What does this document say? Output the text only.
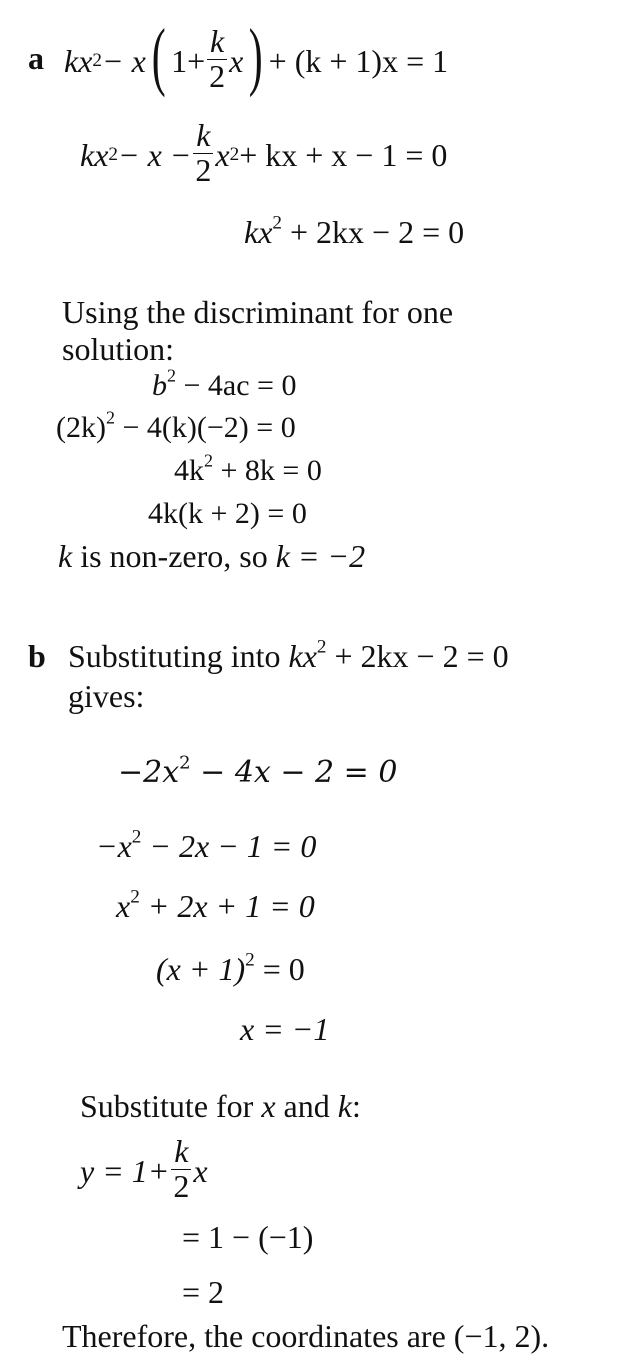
a kx 2 − x ( $1+ \frac{k}{2}$ x ) + (k + 1)x = 1
kx $2 - x - \frac{k}{2}$ x 2 + kx + x − 1 = 0
$kx^2 + 2kx - 2 = 0$
Using the discriminant for one
solution:
$b^2 - 4ac = 0$
$(2k)^2 - 4(k)(-2) = 0$
$4k^2 + 8k = 0$
4k(k + 2) = 0
k is non-zero, so k = −2
b Substituting into $kx^2 + 2kx - 2 = 0$
gives:
$-2x^2 - 4x - 2 = 0$
$-x^2 - 2x - 1 = 0$
$x^2 + 2x + 1 = 0$
$(x + 1)^2 = 0$
x = −1
Substitute for x and k:
$y = 1+ \frac{k}{2}$ x
= 1 − (−1)
= 2
Therefore, the coordinates are (−1, 2).
